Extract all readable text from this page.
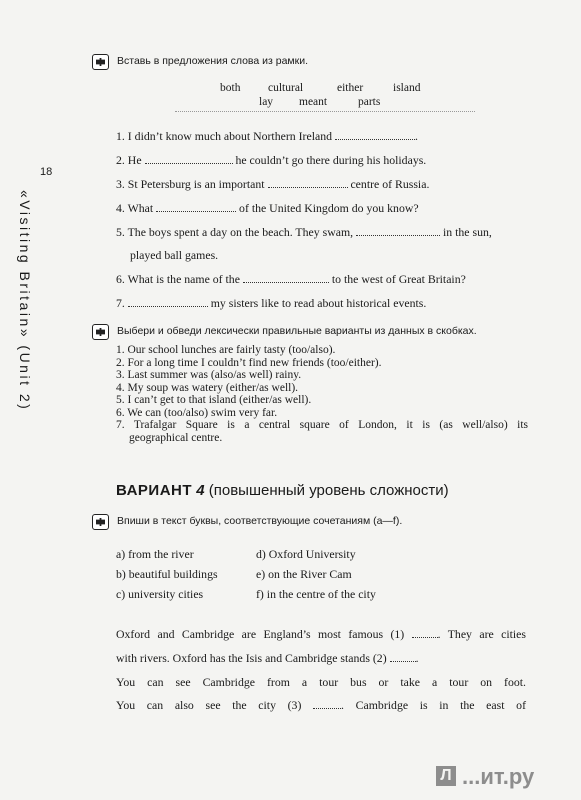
18
«Visiting Britain» (Unit 2)
Вставь в предложения слова из рамки.
both cultural	either	island
lay meant	parts
1. I didn’t know much about Northern Ireland	.
2. He	he couldn’t go there during his holidays.
3. St Petersburg is an important	centre of Russia.
4. What	of the United Kingdom do you know?
5. The boys spent a day on the beach. They swam,	in the sun,
played ball games.
6. What is the name of the	to the west of Great Britain?
7.	my sisters like to read about historical events.
Выбери и обведи лексически правильные варианты из данных в скобках.
1. Our school lunches are fairly tasty (too/also).
2. For a long time I couldn’t find new friends (too/either).
3. Last summer was (also/as well) rainy.
4. My soup was watery (either/as well).
5. I can’t get to that island (either/as well).
6. We can (too/also) swim very far.
7. Trafalgar Square is a central square of London, it is (as well/also) its
geographical centre.
ВАРИАНТ 4 (повышенный уровень сложности)
Впиши в текст буквы, соответствующие сочетаниям (a—f).
a) from the river
b) beautiful buildings
c) university cities
d) Oxford University
e) on the River Cam
f) in the centre of the city
Oxford and Cambridge are England’s most famous (1) . They are cities
with rivers. Oxford has the Isis and Cambridge stands (2) .
You can see Cambridge from a tour bus or take a tour on foot.
You can also see the city (3) . Cambridge is in the east of
Л ...ит.ру
